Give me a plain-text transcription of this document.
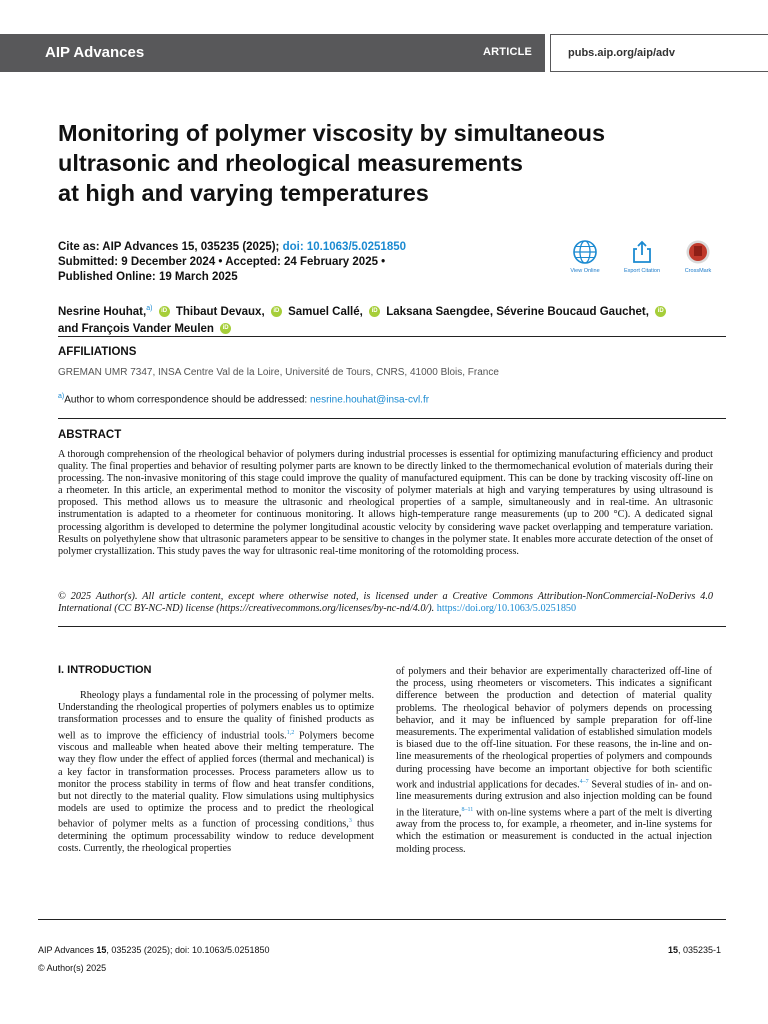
AIP Advances	ARTICLE	pubs.aip.org/aip/adv
Monitoring of polymer viscosity by simultaneous
ultrasonic and rheological measurements
at high and varying temperatures
Cite as: AIP Advances 15, 035235 (2025); doi: 10.1063/5.0251850
Submitted: 9 December 2024 • Accepted: 24 February 2025 •
Published Online: 19 March 2025	View Online	Export Citation	CrossMark
Nesrine Houhat,$^{a)}$ iD Thibaut Devaux, iD Samuel Callé, iD Laksana Saengdee, Séverine Boucaud Gauchet, iD
and François Vander Meulen iD
AFFILIATIONS
GREMAN UMR 7347, INSA Centre Val de la Loire, Université de Tours, CNRS, 41000 Blois, France
$^{a)}$Author to whom correspondence should be addressed: nesrine.houhat@insa-cvl.fr
ABSTRACT
A thorough comprehension of the rheological behavior of polymers during industrial processes is essential for optimizing manufacturing efficiency and product quality. The final properties and behavior of resulting polymer parts are known to be directly linked to the thermomechanical evolution of materials during their processing. The non-invasive monitoring of this stage could improve the quality of manufactured equipment. This can be done by tracking viscosity off-line on a rheometer. In this article, an experimental method to monitor the viscosity of polymer materials at high and varying temperatures by using ultrasound is proposed. This method allows us to measure the ultrasonic and rheological properties of a sample, simultaneously and in real-time. An ultrasonic instrumentation is adapted to a rheometer for continuous monitoring. It allows high-temperature range measurements (up to 200 °C). A dedicated signal processing algorithm is developed to determine the polymer longitudinal acoustic velocity by considering wave packet overlapping and temperature variation. Results on polyethylene show that ultrasonic parameters appear to be sensitive to changes in the polymer state. It enables more accurate detection of the onset of polymer crystallization. This study paves the way for ultrasonic real-time monitoring of the rotomolding process.
© 2025 Author(s). All article content, except where otherwise noted, is licensed under a Creative Commons Attribution-NonCommercial-NoDerivs 4.0 International (CC BY-NC-ND) license (https://creativecommons.org/licenses/by-nc-nd/4.0/). https://doi.org/10.1063/5.0251850
I. INTRODUCTION
Rheology plays a fundamental role in the processing of polymer melts. Understanding the rheological properties of polymers enables us to optimize transformation processes and to ensure the quality of finished products as well as to improve the efficiency of industrial tools.$^{1,2}$ Polymers become viscous and malleable when heated above their melting temperature. The way they flow under the effect of applied forces (thermal and mechanical) is a key factor in transformation processes. Process parameters allow us to monitor the process stability in terms of flow and heat transfer conditions, but not directly to the material quality. Flow simulations using multiphysics models are used to optimize the process and to predict the rheological behavior of polymer melts as a function of processing conditions,$^3$ thus determining the optimum processability window to reduce development costs. Currently, the rheological properties
of polymers and their behavior are experimentally characterized off-line of the process, using rheometers or viscometers. This indicates a significant difference between the production and detection of material quality problems. The rheological behavior of polymers depends on processing behavior, and it may be influenced by sample preparation for off-line measurements. The experimental validation of established simulation models is biased due to the off-line situation. For these reasons, the in-line and on-line measurements of the rheological properties of polymers and compounds during processing have become an important objective for both scientific work and industrial applications for decades.$^{4-7}$ Several studies of in- and on-line measurements during extrusion and also injection molding can be found in the literature,$^{8-11}$ with on-line systems where a part of the melt is diverting away from the process to, for example, a rheometer, and in-line systems for which the estimation or measurement is conducted in the actual injection molding process.
AIP Advances 15, 035235 (2025); doi: 10.1063/5.0251850
© Author(s) 2025
15, 035235-1
